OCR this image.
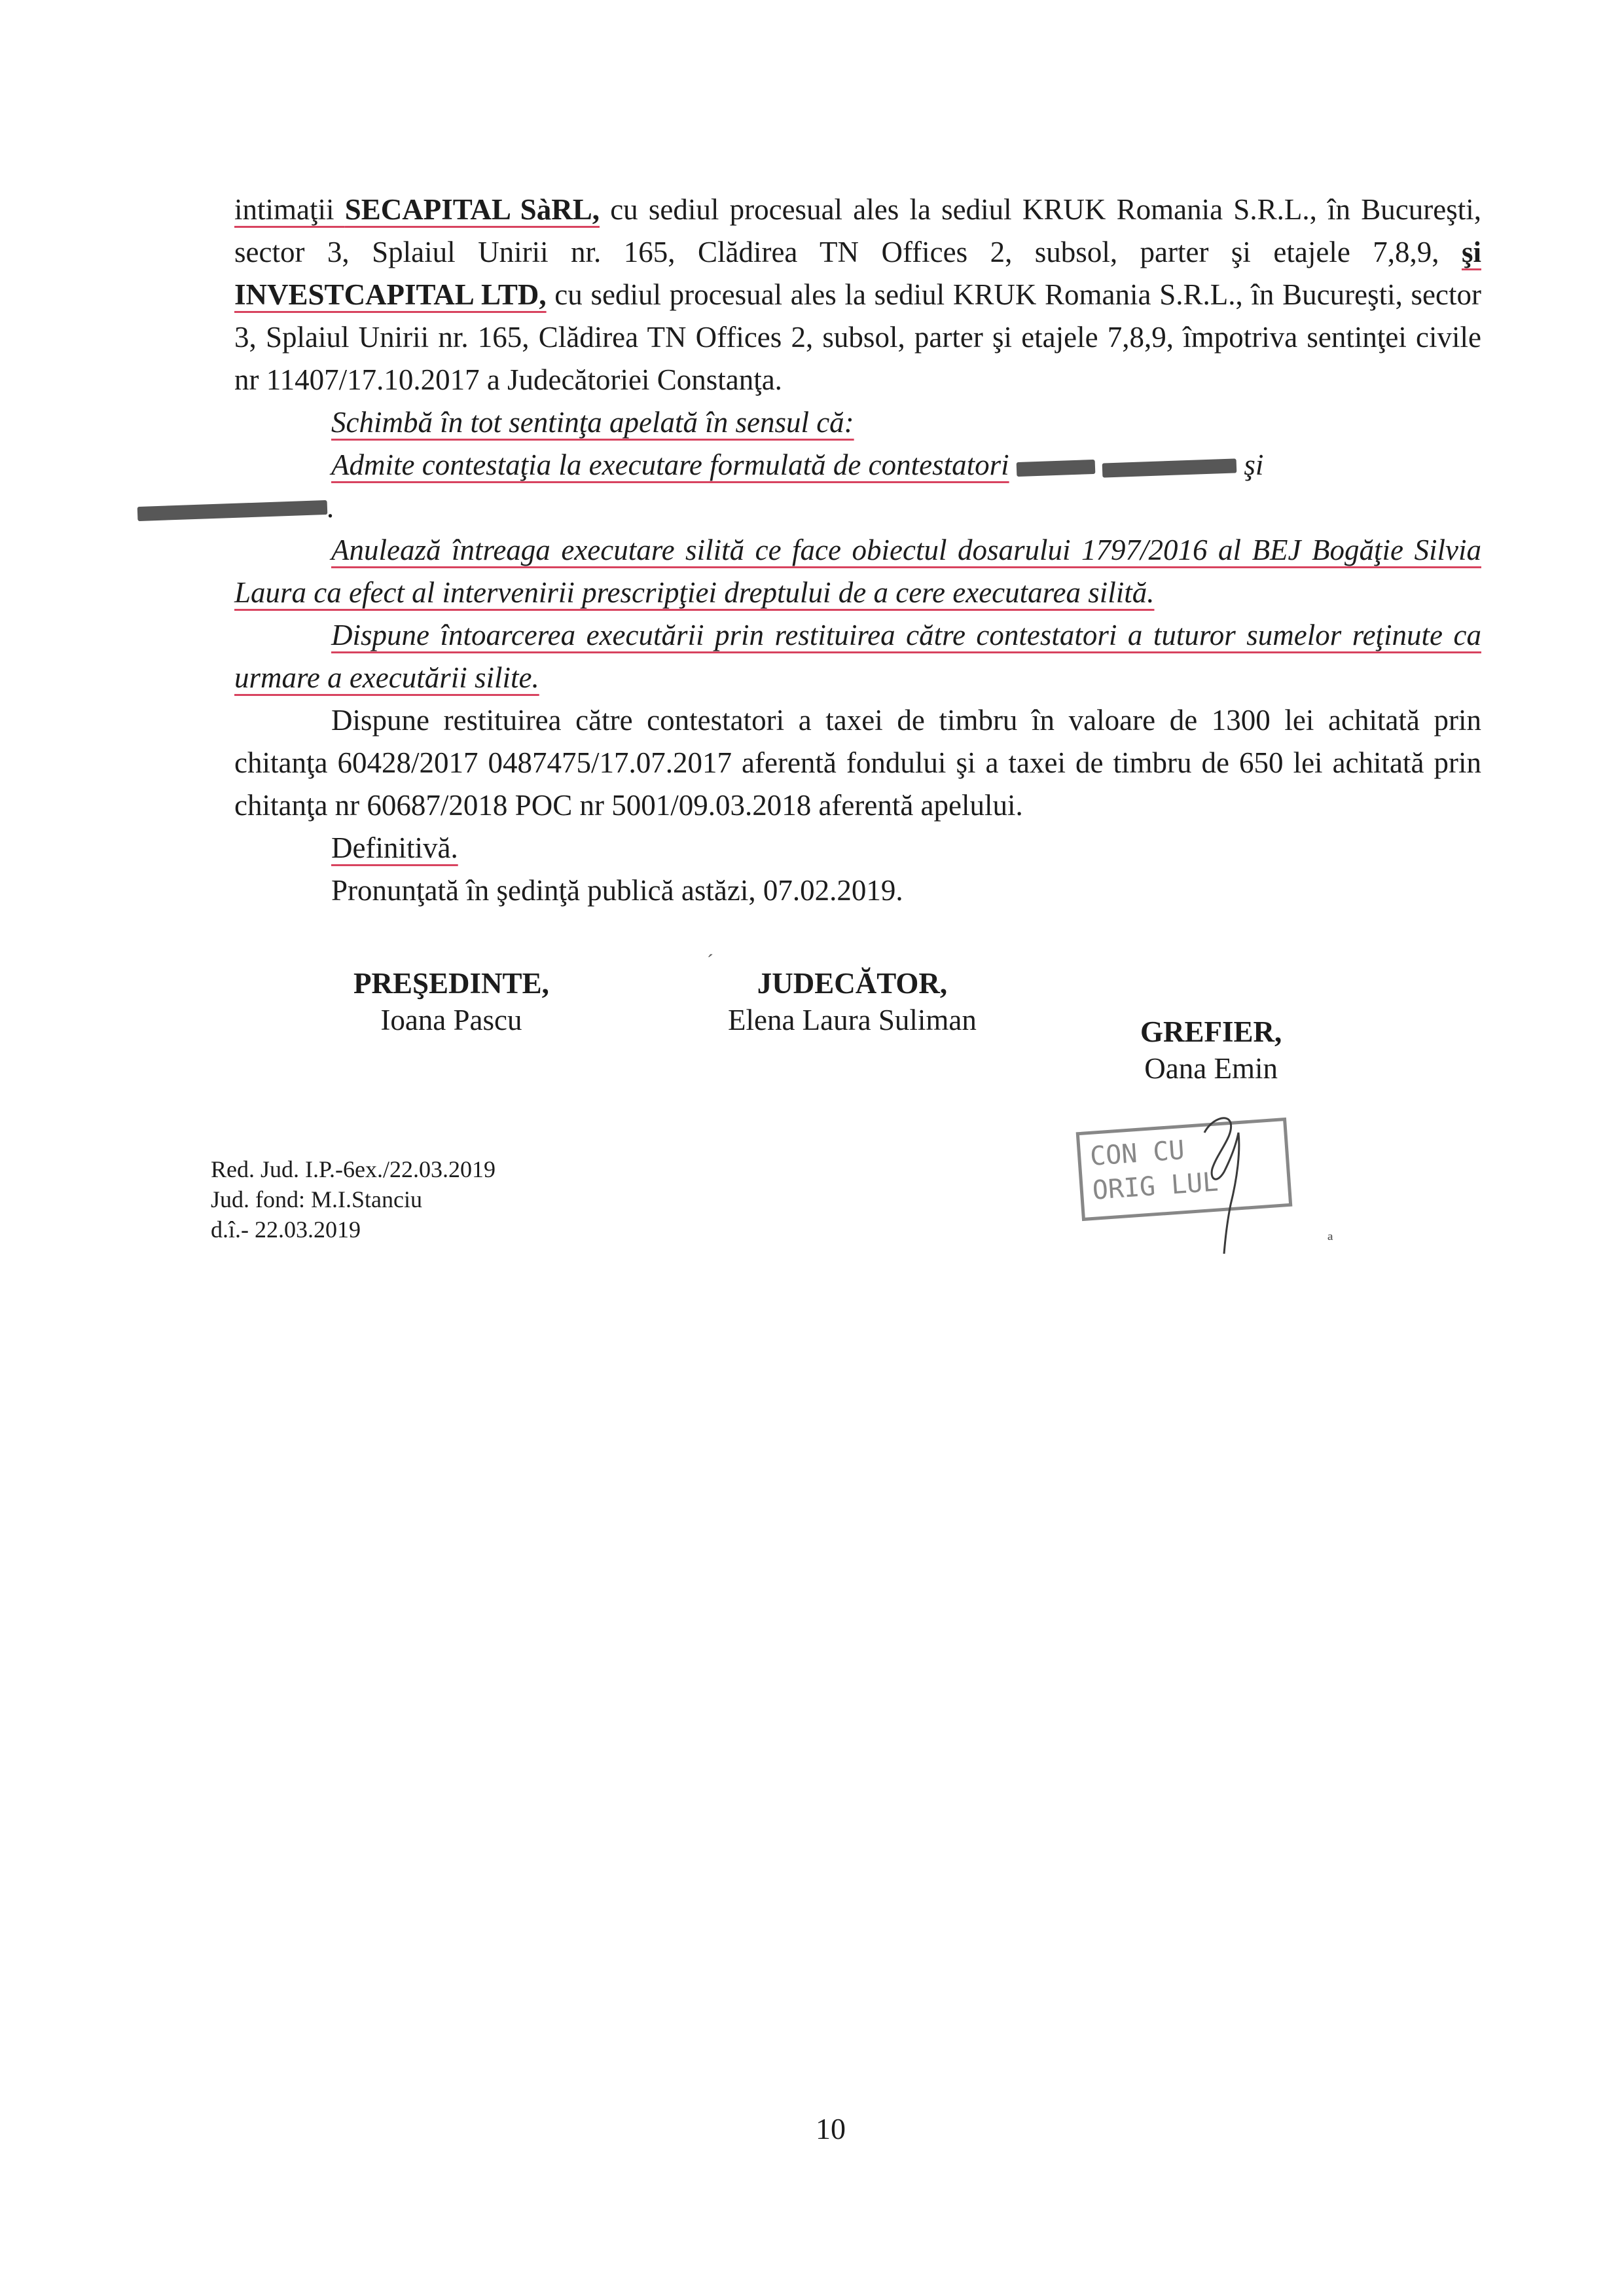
intimaţii SECAPITAL SàRL, cu sediul procesual ales la sediul KRUK Romania S.R.L., în Bucureşti, sector 3, Splaiul Unirii nr. 165, Clădirea TN Offices 2, subsol, parter şi etajele 7,8,9, şi INVESTCAPITAL LTD, cu sediul procesual ales la sediul KRUK Romania S.R.L., în Bucureşti, sector 3, Splaiul Unirii nr. 165, Clădirea TN Offices 2, subsol, parter şi etajele 7,8,9, împotriva sentinţei civile nr 11407/17.10.2017 a Judecătoriei Constanţa.

Schimbă în tot sentinţa apelată în sensul că:

Admite contestaţia la executare formulată de contestatori	şi
.

Anulează întreaga executare silită ce face obiectul dosarului 1797/2016 al BEJ Bogăţie Silvia Laura ca efect al intervenirii prescripţiei dreptului de a cere executarea silită.

Dispune întoarcerea executării prin restituirea către contestatori a tuturor sumelor reţinute ca urmare a executării silite.

Dispune restituirea către contestatori a taxei de timbru în valoare de 1300 lei achitată prin chitanţa 60428/2017 0487475/17.07.2017 aferentă fondului şi a taxei de timbru de 650 lei achitată prin chitanţa nr 60687/2018 POC nr 5001/09.03.2018 aferentă apelului.

Definitivă.

Pronunţată în şedinţă publică astăzi, 07.02.2019.

PREŞEDINTE,
Ioana Pascu
JUDECĂTOR,
Elena Laura Suliman	GREFIER,
Oana Emin
Red. Jud. I.P.-6ex./22.03.2019
Jud. fond: M.I.Stanciu
d.î.- 22.03.2019
CON CU
ORIG LUL
ª
´
10
